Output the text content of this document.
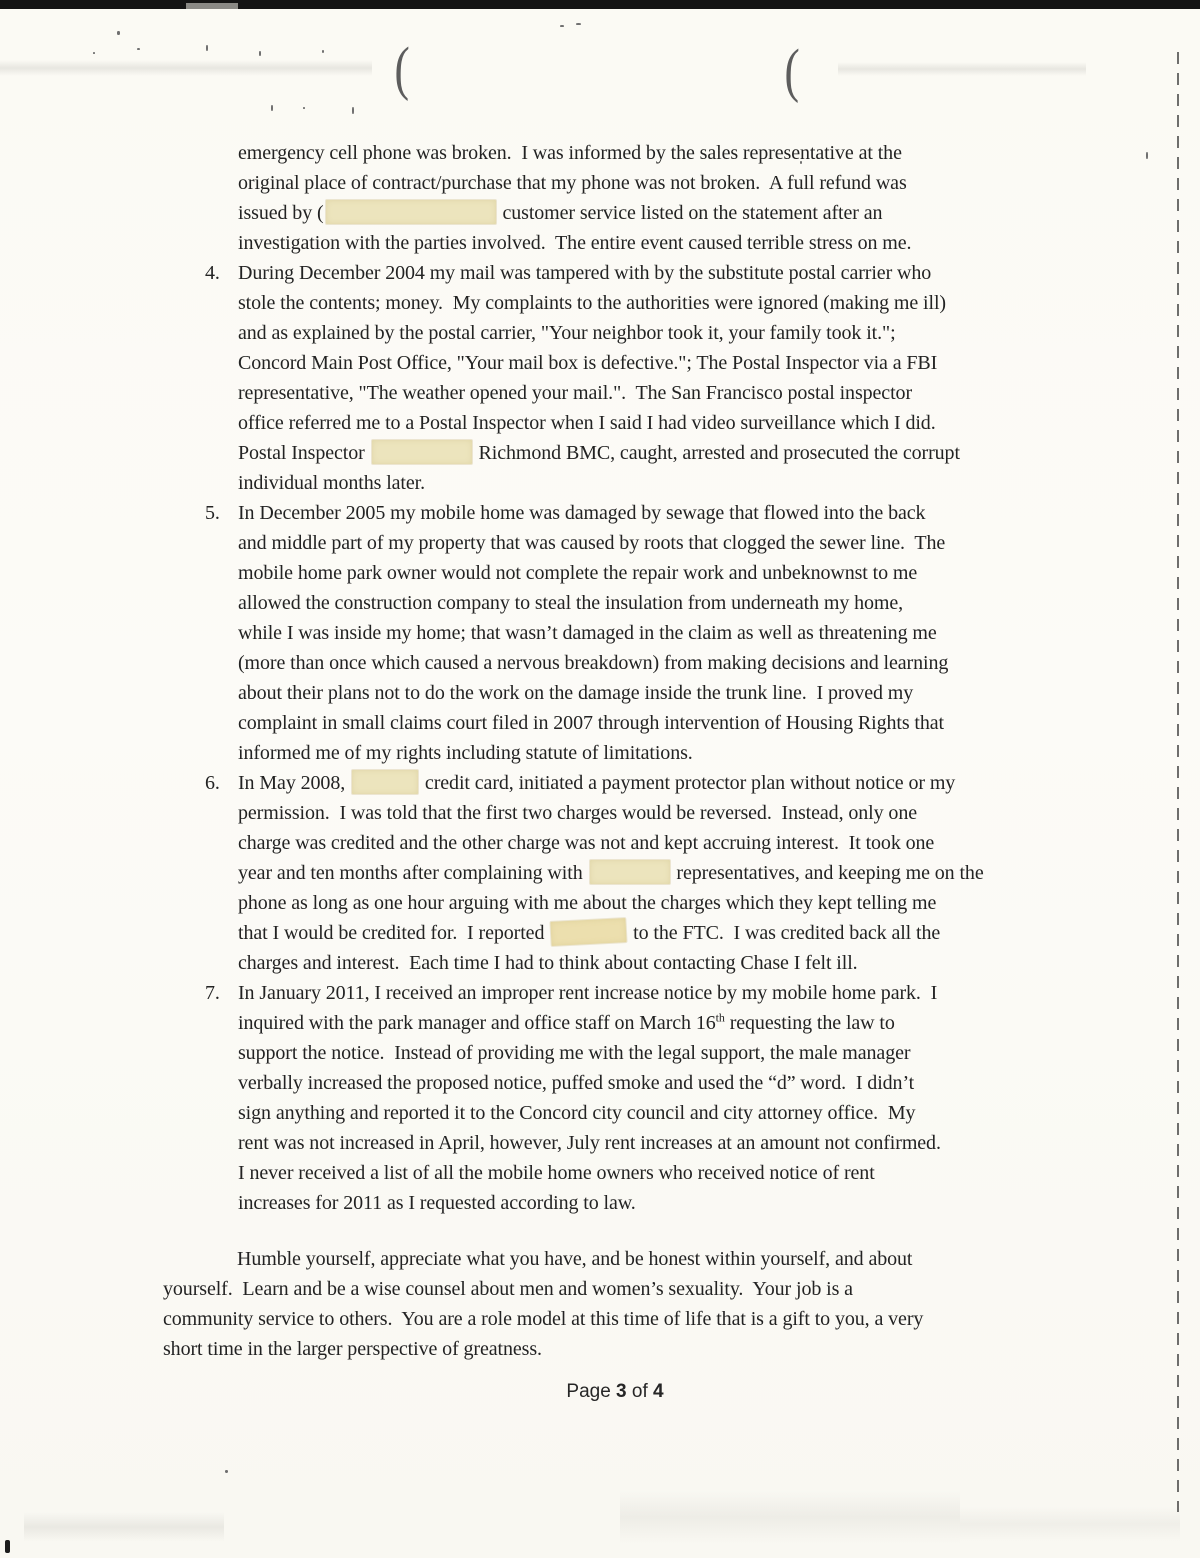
(	(
emergency cell phone was broken.  I was informed by the sales representative at the
original place of contract/purchase that my phone was not broken.  A full refund was
issued by (	customer service listed on the statement after an
investigation with the parties involved.  The entire event caused terrible stress on me.
4. During December 2004 my mail was tampered with by the substitute postal carrier who
stole the contents; money.  My complaints to the authorities were ignored (making me ill)
and as explained by the postal carrier, "Your neighbor took it, your family took it.";
Concord Main Post Office, "Your mail box is defective."; The Postal Inspector via a FBI
representative, "The weather opened your mail.".  The San Francisco postal inspector
office referred me to a Postal Inspector when I said I had video surveillance which I did.
Postal Inspector	Richmond BMC, caught, arrested and prosecuted the corrupt
individual months later.
5. In December 2005 my mobile home was damaged by sewage that flowed into the back
and middle part of my property that was caused by roots that clogged the sewer line.  The
mobile home park owner would not complete the repair work and unbeknownst to me
allowed the construction company to steal the insulation from underneath my home,
while I was inside my home; that wasn’t damaged in the claim as well as threatening me
(more than once which caused a nervous breakdown) from making decisions and learning
about their plans not to do the work on the damage inside the trunk line.  I proved my
complaint in small claims court filed in 2007 through intervention of Housing Rights that
informed me of my rights including statute of limitations.
6. In May 2008,	credit card, initiated a payment protector plan without notice or my
permission.  I was told that the first two charges would be reversed.  Instead, only one
charge was credited and the other charge was not and kept accruing interest.  It took one
year and ten months after complaining with	representatives, and keeping me on the
phone as long as one hour arguing with me about the charges which they kept telling me
that I would be credited for.  I reported	to the FTC.  I was credited back all the
charges and interest.  Each time I had to think about contacting Chase I felt ill.
7. In January 2011, I received an improper rent increase notice by my mobile home park.  I
inquired with the park manager and office staff on March 16th requesting the law to
support the notice.  Instead of providing me with the legal support, the male manager
verbally increased the proposed notice, puffed smoke and used the “d” word.  I didn’t
sign anything and reported it to the Concord city council and city attorney office.  My
rent was not increased in April, however, July rent increases at an amount not confirmed.
I never received a list of all the mobile home owners who received notice of rent
increases for 2011 as I requested according to law.
Humble yourself, appreciate what you have, and be honest within yourself, and about
yourself.  Learn and be a wise counsel about men and women’s sexuality.  Your job is a
community service to others.  You are a role model at this time of life that is a gift to you, a very
short time in the larger perspective of greatness.
Page 3 of 4
